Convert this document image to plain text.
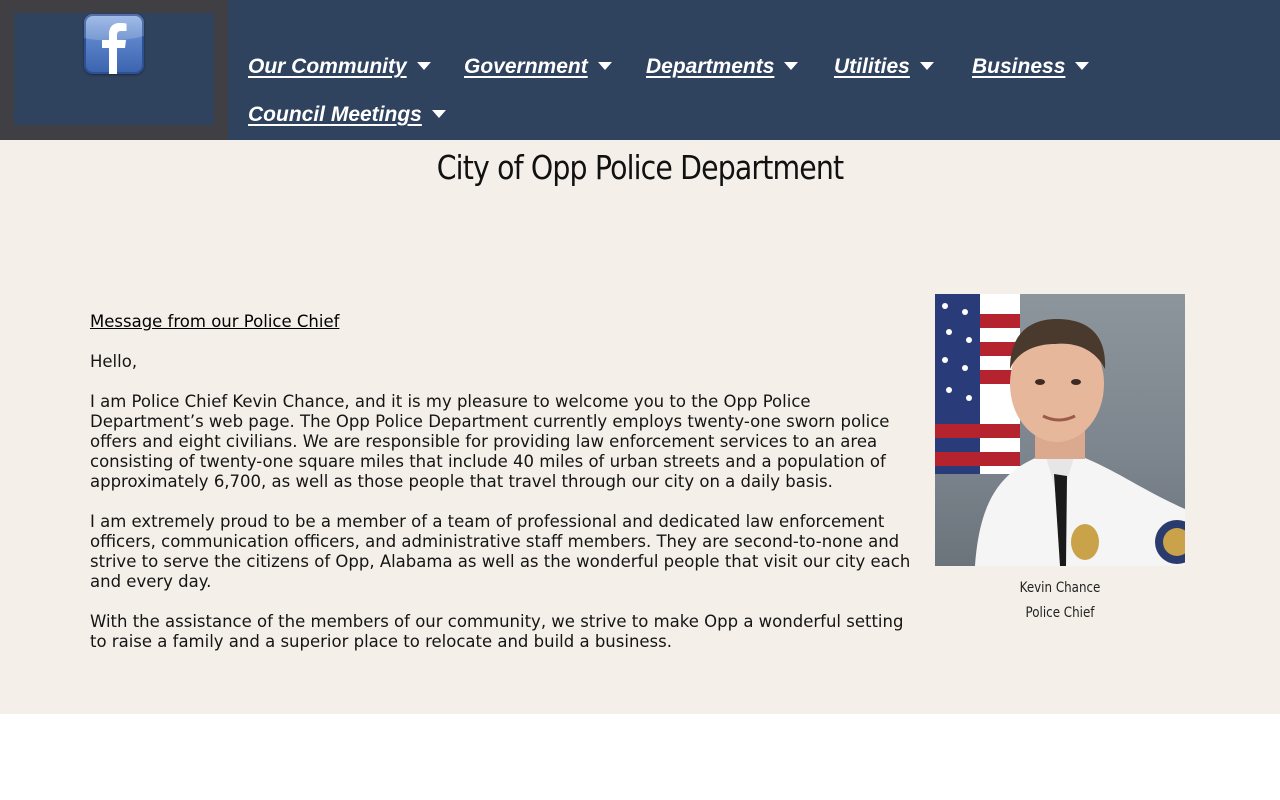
Our Community	Government	Departments	Utilities	Business
Council Meetings
City of Opp Police Department

Message from our Police Chief

Hello,

I am Police Chief Kevin Chance, and it is my pleasure to welcome you to the Opp Police Department’s web page. The Opp Police Department currently employs twenty-one sworn police offers and eight civilians. We are responsible for providing law enforcement services to an area consisting of twenty-one square miles that include 40 miles of urban streets and a population of approximately 6,700, as well as those people that travel through our city on a daily basis.

I am extremely proud to be a member of a team of professional and dedicated law enforcement officers, communication officers, and administrative staff members. They are second-to-none and strive to serve the citizens of Opp, Alabama as well as the wonderful people that visit our city each and every day.

With the assistance of the members of our community, we strive to make Opp a wonderful setting to raise a family and a superior place to relocate and build a business.

Kevin Chance
Police Chief
